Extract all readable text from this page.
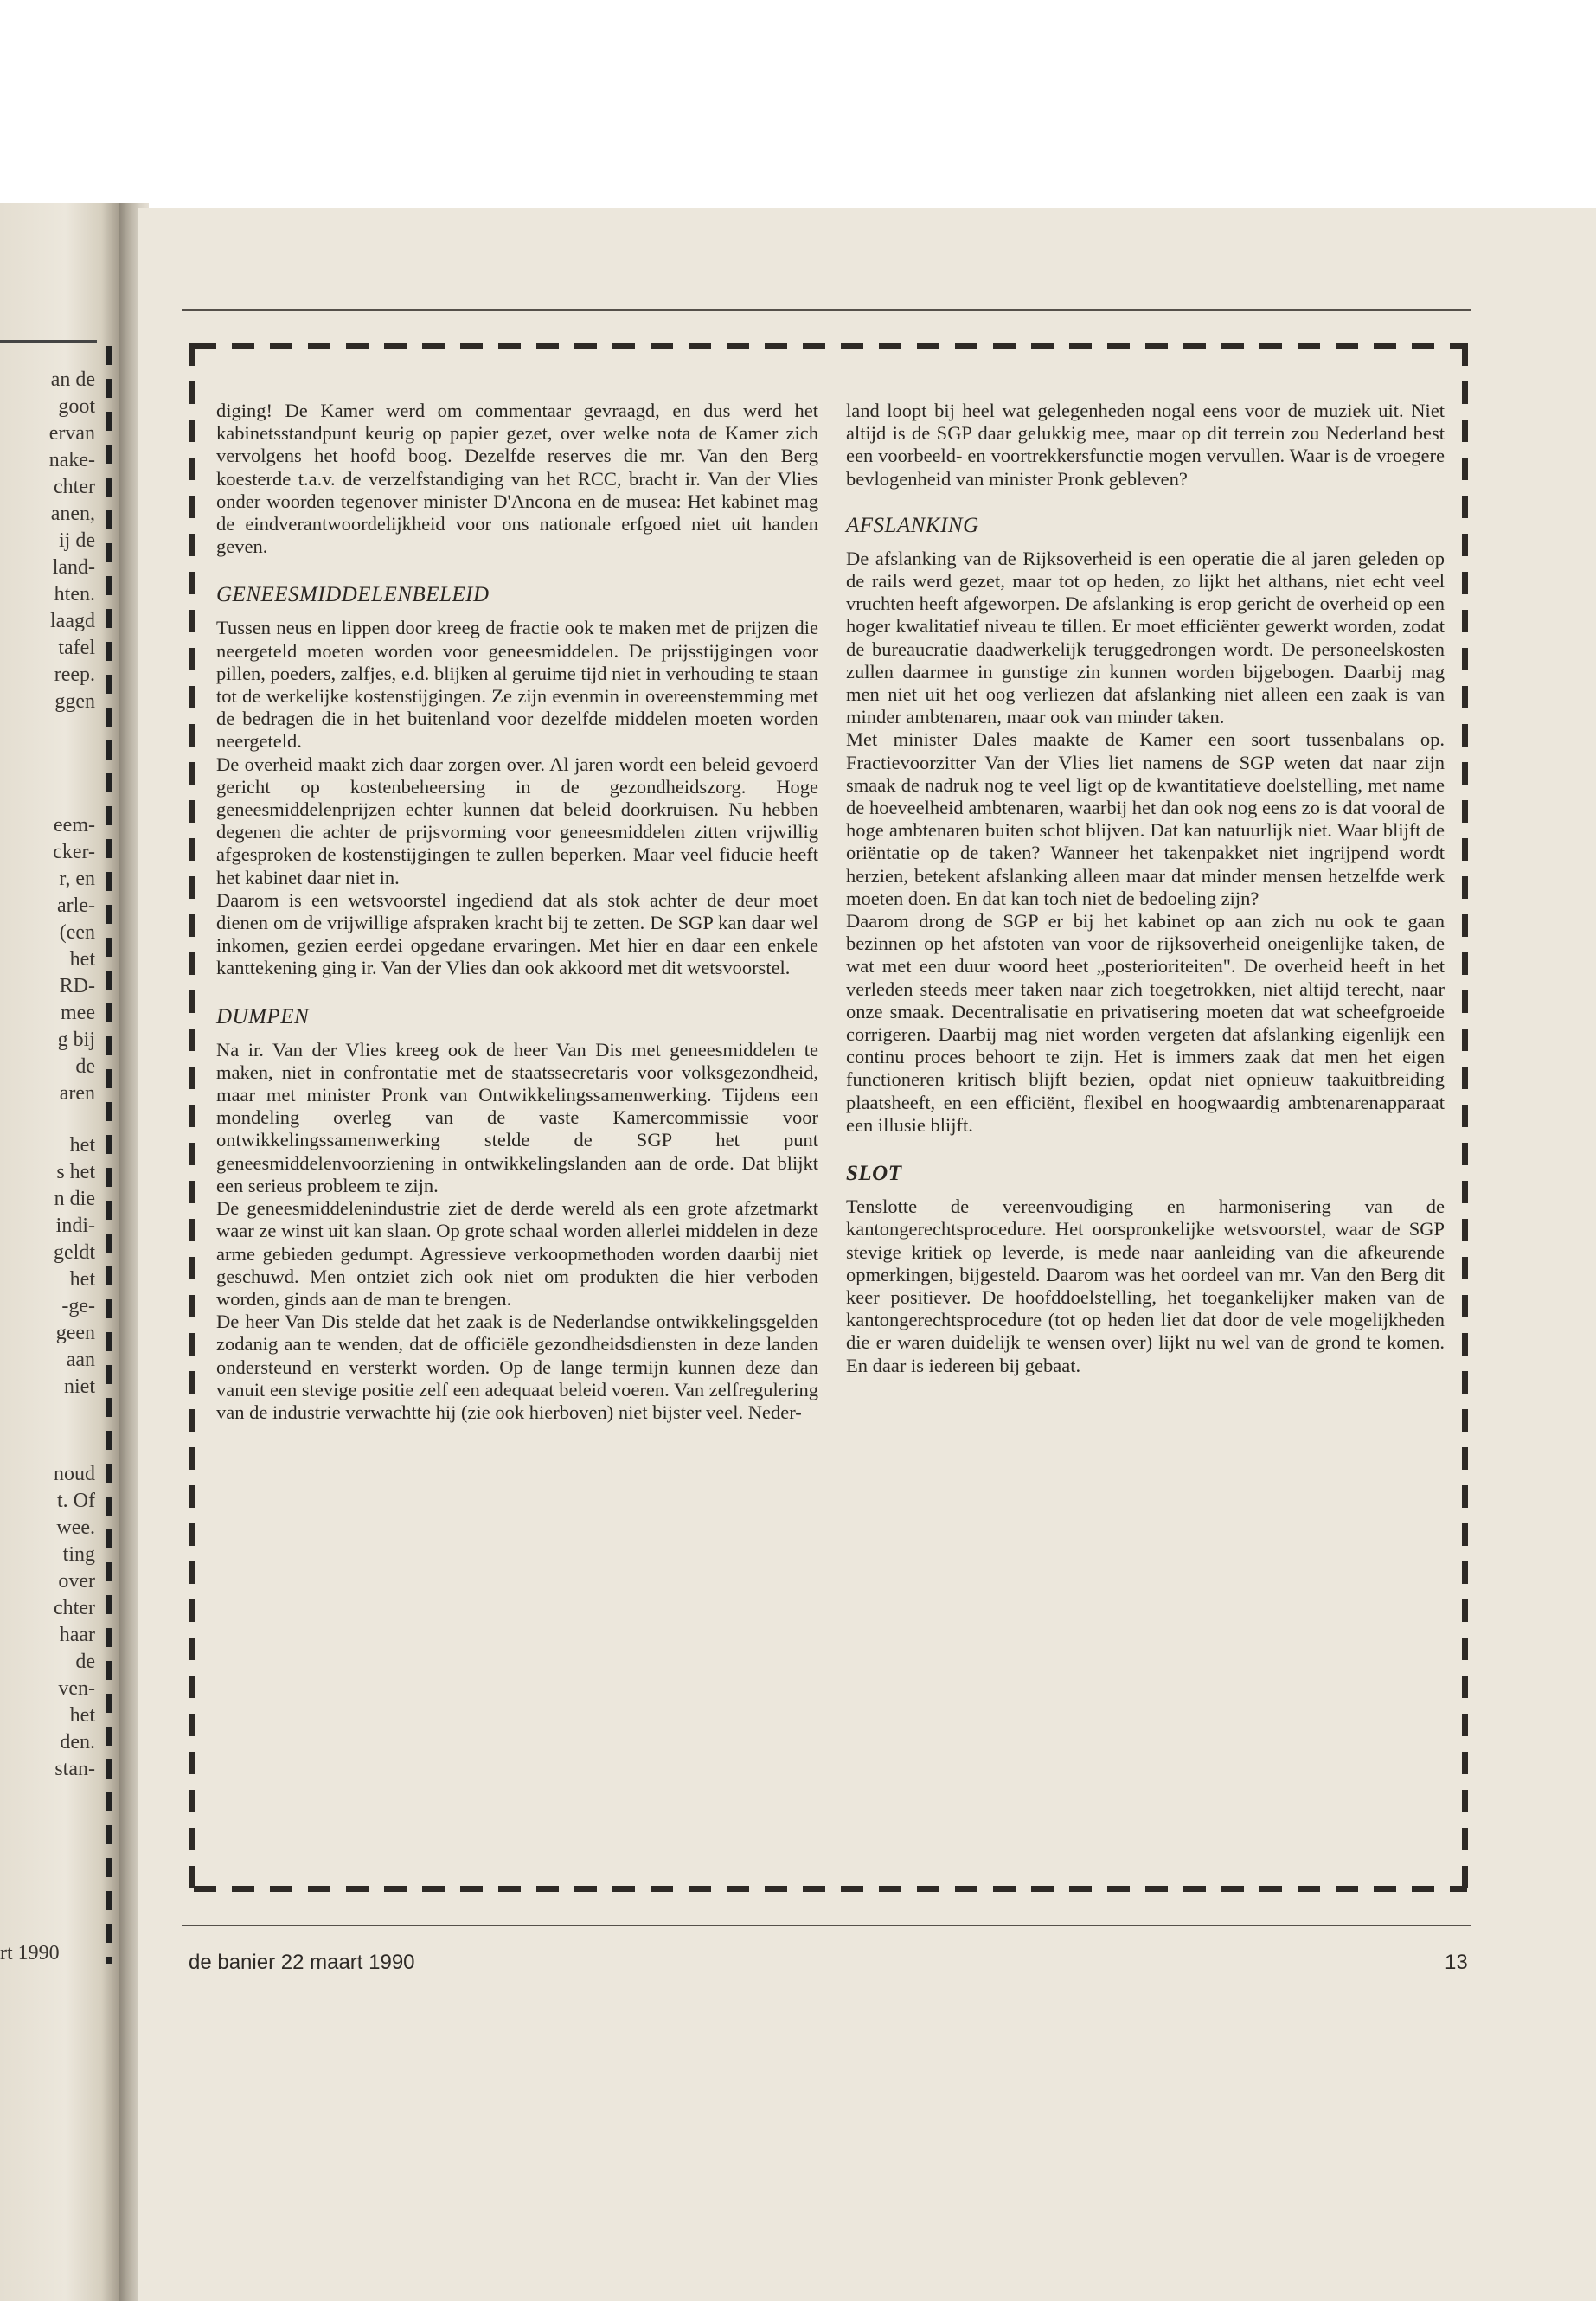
an de
goot
ervan
nake-
chter
anen,
ij de
land-
hten.
laagd
tafel
reep.
ggen
eem-
cker-
r, en
arle-
(een
het
RD-
mee
g bij
de
aren
het
s het
n die
indi-
geldt
het
-ge-
geen
aan
niet
noud
t. Of
wee.
ting
over
chter
haar
de
ven-
het
den.
stan-
rt 1990

diging! De Kamer werd om commentaar gevraagd, en dus werd het kabinetsstandpunt keurig op papier gezet, over welke nota de Kamer zich vervolgens het hoofd boog. Dezelfde reserves die mr. Van den Berg koesterde t.a.v. de verzelfstandiging van het RCC, bracht ir. Van der Vlies onder woorden tegenover minister D'Ancona en de musea: Het kabinet mag de eindverantwoordelijkheid voor ons nationale erfgoed niet uit handen geven.

GENEESMIDDELENBELEID

Tussen neus en lippen door kreeg de fractie ook te maken met de prijzen die neergeteld moeten worden voor geneesmiddelen. De prijsstijgingen voor pillen, poeders, zalfjes, e.d. blijken al geruime tijd niet in verhouding te staan tot de werkelijke kostenstijgingen. Ze zijn evenmin in overeenstemming met de bedragen die in het buitenland voor dezelfde middelen moeten worden neergeteld.

De overheid maakt zich daar zorgen over. Al jaren wordt een beleid gevoerd gericht op kostenbeheersing in de gezondheidszorg. Hoge geneesmiddelenprijzen echter kunnen dat beleid doorkruisen. Nu hebben degenen die achter de prijsvorming voor geneesmiddelen zitten vrijwillig afgesproken de kostenstijgingen te zullen beperken. Maar veel fiducie heeft het kabinet daar niet in.

Daarom is een wetsvoorstel ingediend dat als stok achter de deur moet dienen om de vrijwillige afspraken kracht bij te zetten. De SGP kan daar wel inkomen, gezien eerdei opgedane ervaringen. Met hier en daar een enkele kanttekening ging ir. Van der Vlies dan ook akkoord met dit wetsvoorstel.

DUMPEN

Na ir. Van der Vlies kreeg ook de heer Van Dis met geneesmiddelen te maken, niet in confrontatie met de staatssecretaris voor volksgezondheid, maar met minister Pronk van Ontwikkelingssamenwerking. Tijdens een mondeling overleg van de vaste Kamercommissie voor ontwikkelingssamenwerking stelde de SGP het punt geneesmiddelenvoorziening in ontwikkelingslanden aan de orde. Dat blijkt een serieus probleem te zijn.

De geneesmiddelenindustrie ziet de derde wereld als een grote afzetmarkt waar ze winst uit kan slaan. Op grote schaal worden allerlei middelen in deze arme gebieden gedumpt. Agressieve verkoopmethoden worden daarbij niet geschuwd. Men ontziet zich ook niet om produkten die hier verboden worden, ginds aan de man te brengen.

De heer Van Dis stelde dat het zaak is de Nederlandse ontwikkelingsgelden zodanig aan te wenden, dat de officiële gezondheidsdiensten in deze landen ondersteund en versterkt worden. Op de lange termijn kunnen deze dan vanuit een stevige positie zelf een adequaat beleid voeren. Van zelfregulering van de industrie verwachtte hij (zie ook hierboven) niet bijster veel. Neder-

land loopt bij heel wat gelegenheden nogal eens voor de muziek uit. Niet altijd is de SGP daar gelukkig mee, maar op dit terrein zou Nederland best een voorbeeld- en voortrekkersfunctie mogen vervullen. Waar is de vroegere bevlogenheid van minister Pronk gebleven?

AFSLANKING

De afslanking van de Rijksoverheid is een operatie die al jaren geleden op de rails werd gezet, maar tot op heden, zo lijkt het althans, niet echt veel vruchten heeft afgeworpen. De afslanking is erop gericht de overheid op een hoger kwalitatief niveau te tillen. Er moet efficiënter gewerkt worden, zodat de bureaucratie daadwerkelijk teruggedrongen wordt. De personeelskosten zullen daarmee in gunstige zin kunnen worden bijgebogen. Daarbij mag men niet uit het oog verliezen dat afslanking niet alleen een zaak is van minder ambtenaren, maar ook van minder taken.

Met minister Dales maakte de Kamer een soort tussenbalans op. Fractievoorzitter Van der Vlies liet namens de SGP weten dat naar zijn smaak de nadruk nog te veel ligt op de kwantitatieve doelstelling, met name de hoeveelheid ambtenaren, waarbij het dan ook nog eens zo is dat vooral de hoge ambtenaren buiten schot blijven. Dat kan natuurlijk niet. Waar blijft de oriëntatie op de taken? Wanneer het takenpakket niet ingrijpend wordt herzien, betekent afslanking alleen maar dat minder mensen hetzelfde werk moeten doen. En dat kan toch niet de bedoeling zijn?

Daarom drong de SGP er bij het kabinet op aan zich nu ook te gaan bezinnen op het afstoten van voor de rijksoverheid oneigenlijke taken, de wat met een duur woord heet „posterioriteiten". De overheid heeft in het verleden steeds meer taken naar zich toegetrokken, niet altijd terecht, naar onze smaak. Decentralisatie en privatisering moeten dat wat scheefgroeide corrigeren. Daarbij mag niet worden vergeten dat afslanking eigenlijk een continu proces behoort te zijn. Het is immers zaak dat men het eigen functioneren kritisch blijft bezien, opdat niet opnieuw taakuitbreiding plaatsheeft, en een efficiënt, flexibel en hoogwaardig ambtenarenapparaat een illusie blijft.

SLOT

Tenslotte de vereenvoudiging en harmonisering van de kantongerechtsprocedure. Het oorspronkelijke wetsvoorstel, waar de SGP stevige kritiek op leverde, is mede naar aanleiding van die afkeurende opmerkingen, bijgesteld. Daarom was het oordeel van mr. Van den Berg dit keer positiever. De hoofddoelstelling, het toegankelijker maken van de kantongerechtsprocedure (tot op heden liet dat door de vele mogelijkheden die er waren duidelijk te wensen over) lijkt nu wel van de grond te komen. En daar is iedereen bij gebaat.

de banier 22 maart 1990	13
